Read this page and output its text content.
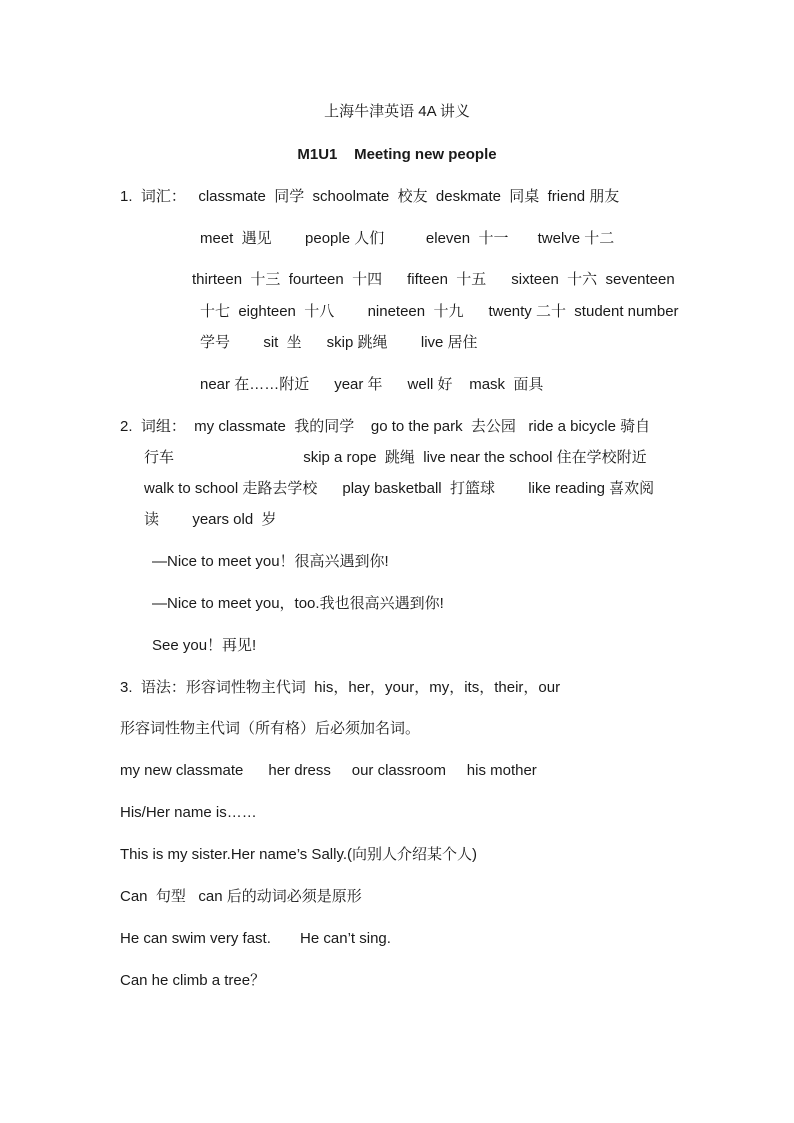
上海牛津英语 4A 讲义
M1U1    Meeting new people
1.  词汇：   classmate  同学  schoolmate  校友  deskmate  同桌  friend 朋友
meet  遇见        people 人们          eleven  十一       twelve 十二
thirteen  十三  fourteen  十四      fifteen  十五      sixteen  十六  seventeen
十七  eighteen  十八        nineteen  十九      twenty 二十  student number
学号        sit  坐      skip 跳绳        live 居住
near 在……附近      year 年      well 好    mask  面具
2.  词组：  my classmate  我的同学    go to the park  去公园   ride a bicycle 骑自
行车                               skip a rope  跳绳  live near the school 住在学校附近
walk to school 走路去学校      play basketball  打篮球        like reading 喜欢阅
读        years old  岁
—Nice to meet you！很高兴遇到你!
—Nice to meet you，too.我也很高兴遇到你!
See you！再见!
3.  语法：形容词性物主代词  his，her，your，my，its，their，our
形容词性物主代词（所有格）后必须加名词。
my new classmate      her dress     our classroom     his mother
His/Her name is……
This is my sister.Her name’s Sally.(向别人介绍某个人)
Can  句型   can 后的动词必须是原形
He can swim very fast.       He can’t sing.
Can he climb a tree？
